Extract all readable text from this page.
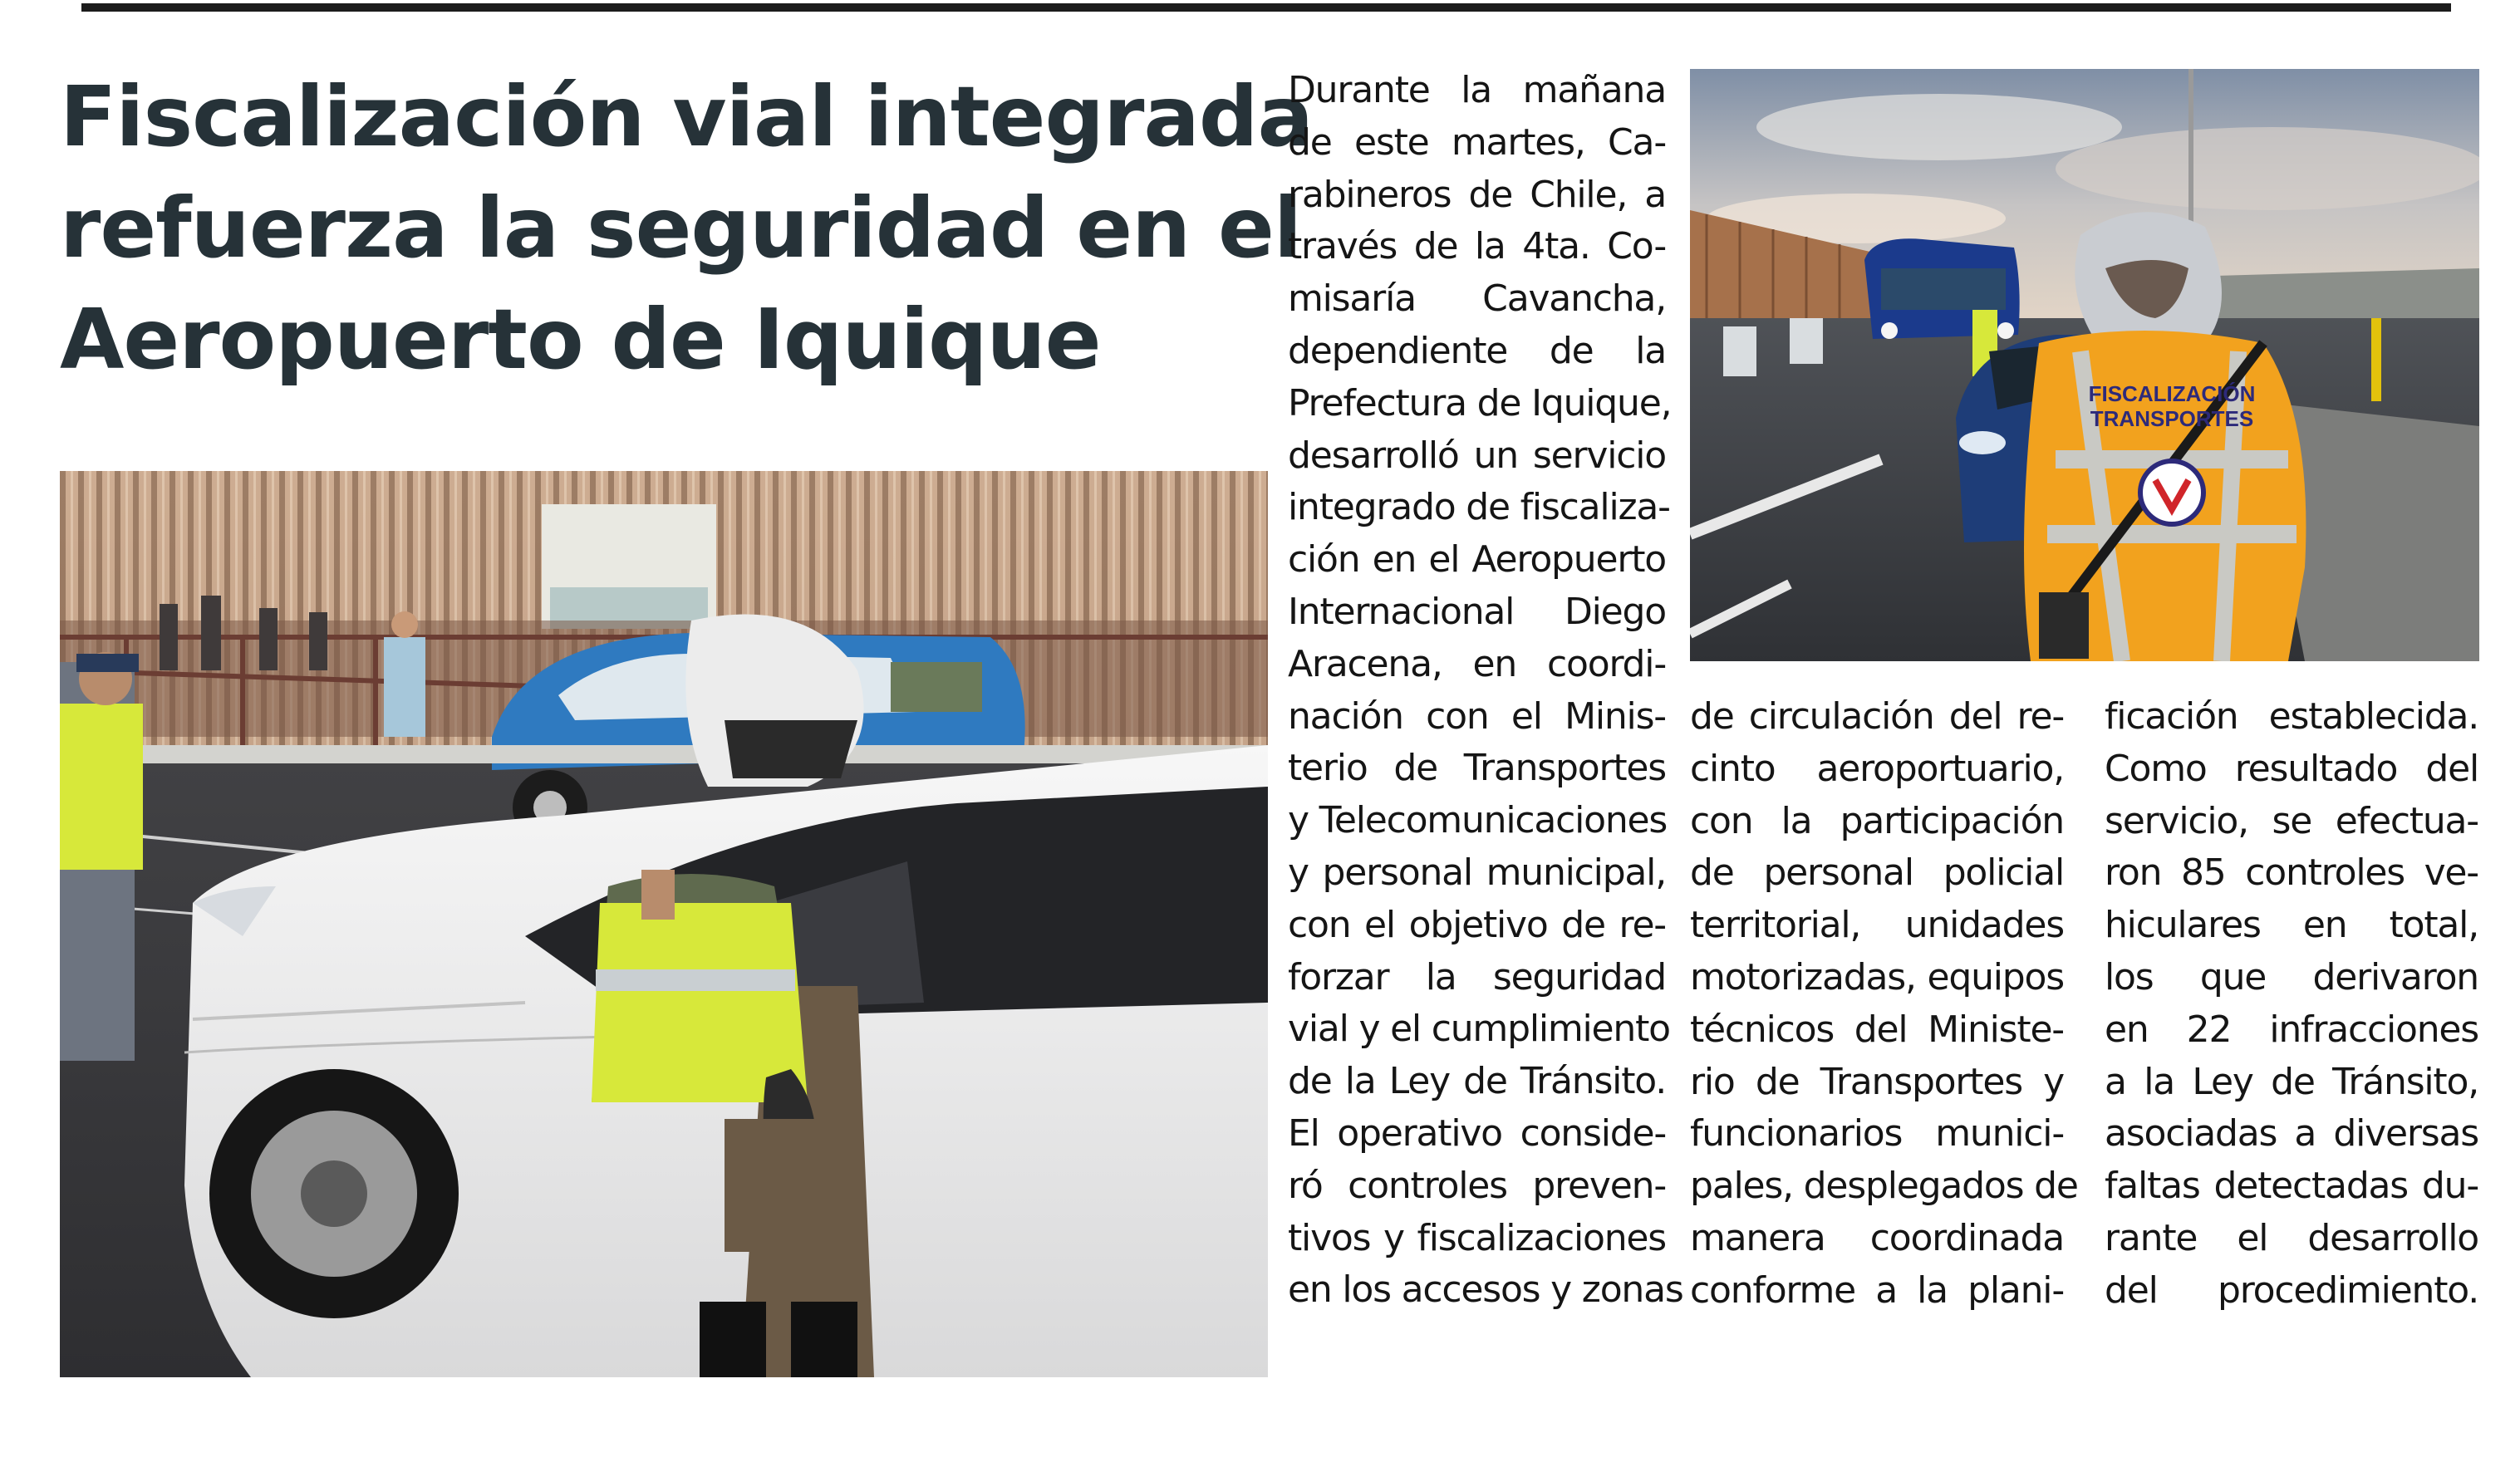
Fiscalización vial integrada
refuerza la seguridad en el
Aeropuerto de Iquique
FISCALIZACIÓN
TRANSPORTES
Durante la mañana
de este martes, Ca-
rabineros de Chile, a
través de la 4ta. Co-
misaría Cavancha,
dependiente de la
Prefectura de Iquique,
desarrolló un servicio
integrado de fiscaliza-
ción en el Aeropuerto
Internacional Diego
Aracena, en coordi-
nación con el Minis-
terio de Transportes
y Telecomunicaciones
y personal municipal,
con el objetivo de re-
forzar la seguridad
vial y el cumplimiento
de la Ley de Tránsito.
El operativo conside-
ró controles preven-
tivos y fiscalizaciones
en los accesos y zonas
de circulación del re-
cinto aeroportuario,
con la participación
de personal policial
territorial, unidades
motorizadas, equipos
técnicos del Ministe-
rio de Transportes y
funcionarios munici-
pales, desplegados de
manera coordinada
conforme a la plani-
ficación establecida.
Como resultado del
servicio, se efectua-
ron 85 controles ve-
hiculares en total,
los que derivaron
en 22 infracciones
a la Ley de Tránsito,
asociadas a diversas
faltas detectadas du-
rante el desarrollo
del procedimiento.
